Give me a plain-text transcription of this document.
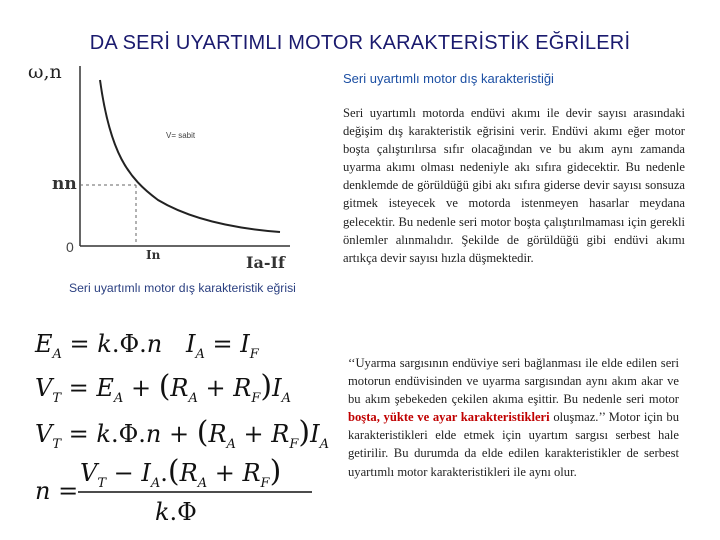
DA SERİ UYARTIMLI MOTOR KARAKTERİSTİK EĞRİLERİ
Seri uyartımlı motor dış karakteristiği
ω,n
V= sabit
nn
0	In	Ia-If
Seri uyartımlı motor dış karakteristik eğrisi
Seri uyartımlı motorda endüvi akımı ile devir sayısı arasındaki değişim dış karakteristik eğrisini verir. Endüvi akımı eğer motor boşta çalıştırılırsa sıfır olacağından ve bu akım aynı zamanda uyarma akımı olması nedeniyle akı sıfıra gidecektir. Bu nedenle denklemde de görüldüğü gibi akı sıfıra giderse devir sayısı sonsuza gitmek isteyecek ve motorda istenmeyen hasarlar meydana gelecektir. Bu nedenle seri motor boşta çalıştırılmaması için gerekli önlemler alınmalıdır. Şekilde de görüldüğü gibi endüvi akımı artıkça devir sayısı hızla düşmektedir.
‘‘Uyarma sargısının endüviye seri bağlanması ile elde edilen seri motorun endüvisinden ve uyarma sargısından aynı akım akar ve bu akım şebekeden çekilen akıma eşittir. Bu nedenle seri motor boşta, yükte ve ayar karakteristikleri oluşmaz.’’ Motor için bu karakteristikleri elde etmek için uyartım sargısı serbest hale getirilir. Bu durumda da elde edilen karakteristikler de serbest uyartımlı motor karakteristikleri ile aynı olur.
$E_A = k.\Phi.n$ $I_A = I_F$
$V_T = E_A + (R_A + R_F)I_A$
$V_T = k.\Phi.n + (R_A + R_F)I_A$
n =
$V_T - I_A.(R_A + R_F)$
k.Φ
